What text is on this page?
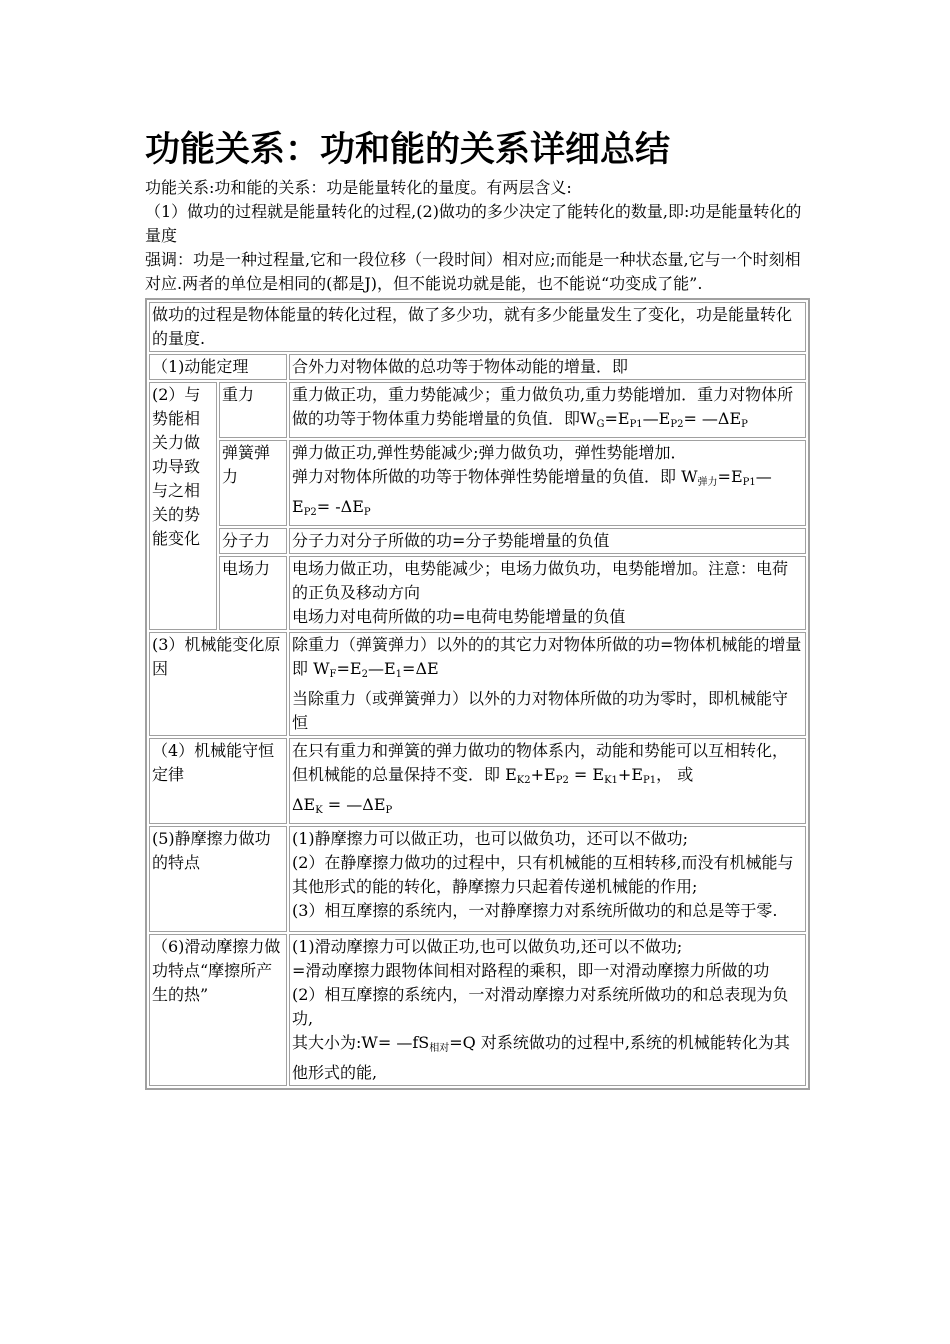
功能关系：功和能的关系详细总结

功能关系:功和能的关系：功是能量转化的量度。有两层含义:

（1）做功的过程就是能量转化的过程,(2)做功的多少决定了能转化的数量,即:功是能量转化的量度

强调：功是一种过程量,它和一段位移（一段时间）相对应;而能是一种状态量,它与一个时刻相对应.两者的单位是相同的(都是J)，但不能说功就是能，也不能说“功变成了能”.

做功的过程是物体能量的转化过程，做了多少功，就有多少能量发生了变化，功是能量转化的量度.		
（1)动能定理		合外力对物体做的总功等于物体动能的增量．即
(2）与势能相关力做功导致与之相关的势能变化	重力	重力做正功，重力势能减少；重力做负功,重力势能增加．重力对物体所做的功等于物体重力势能增量的负值．即$W_G=E_{P1}—E_{P2}=$ $—\Delta E_P$
	弹簧弹力	弹力做正功,弹性势能减少;弹力做负功，弹性势能增加．
弹力对物体所做的功等于物体弹性势能增量的负值．即 $W_{弹力}=E_{P1}—E_{P2}= -\Delta E_P$
	分子力	分子力对分子所做的功=分子势能增量的负值
	电场力	电场力做正功，电势能减少；电场力做负功，电势能增加。注意：电荷的正负及移动方向
电场力对电荷所做的功=电荷电势能增量的负值

(3）机械能变化原因		除重力（弹簧弹力）以外的的其它力对物体所做的功=物体机械能的增量即 $W_F=E_2—E_1=\Delta E$
当除重力（或弹簧弹力）以外的力对物体所做的功为零时，即机械能守恒

（4）机械能守恒定律		在只有重力和弹簧的弹力做功的物体系内，动能和势能可以互相转化，但机械能的总量保持不变．即 $E_{K2}+E_{P2} = E_{K1}+E_{P1}$， 或
$\Delta E_K$ = $—\Delta E_P$

(5)静摩擦力做功的特点		(1)静摩擦力可以做正功，也可以做负功，还可以不做功;
(2）在静摩擦力做功的过程中，只有机械能的互相转移,而没有机械能与其他形式的能的转化，静摩擦力只起着传递机械能的作用;
(3）相互摩擦的系统内，一对静摩擦力对系统所做功的和总是等于零.

（6)滑动摩擦力做功特点“摩擦所产生的热”		(1)滑动摩擦力可以做正功,也可以做负功,还可以不做功;
=滑动摩擦力跟物体间相对路程的乘积，即一对滑动摩擦力所做的功
(2）相互摩擦的系统内，一对滑动摩擦力对系统所做功的和总表现为负功,
其大小为:W= $—fS_{相对}=Q$ 对系统做功的过程中,系统的机械能转化为其他形式的能,
